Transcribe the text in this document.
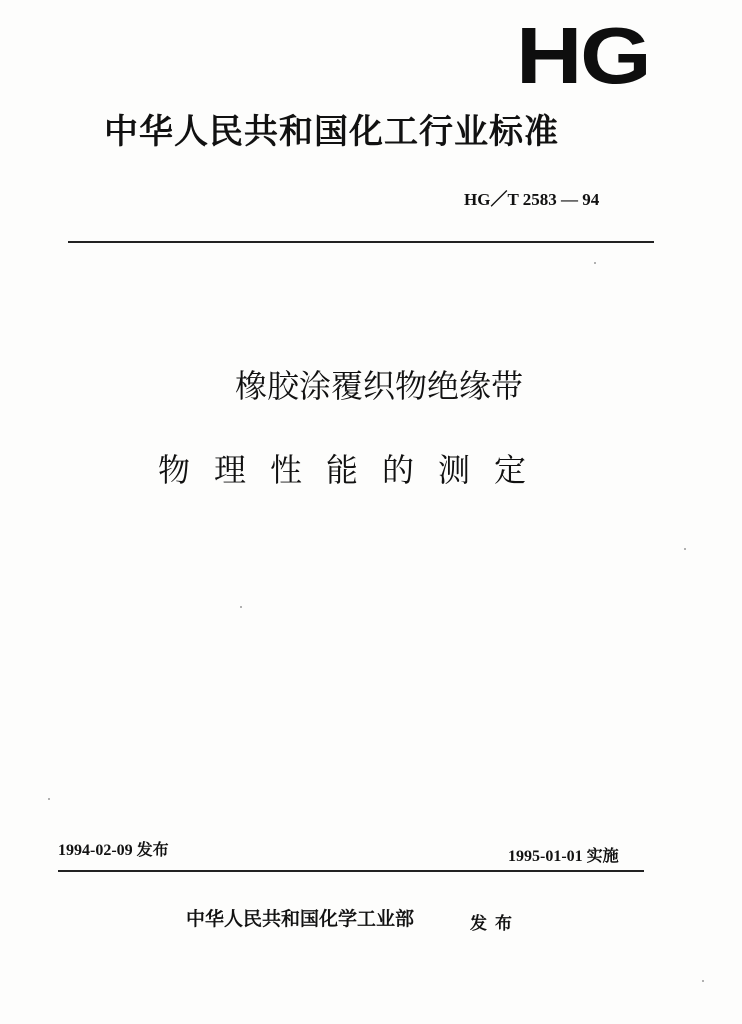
HG
中华人民共和国化工行业标准
HG／T 2583 — 94
橡胶涂覆织物绝缘带
物理性能的测定
1994-02-09 发布	1995-01-01 实施
中华人民共和国化学工业部	发布
